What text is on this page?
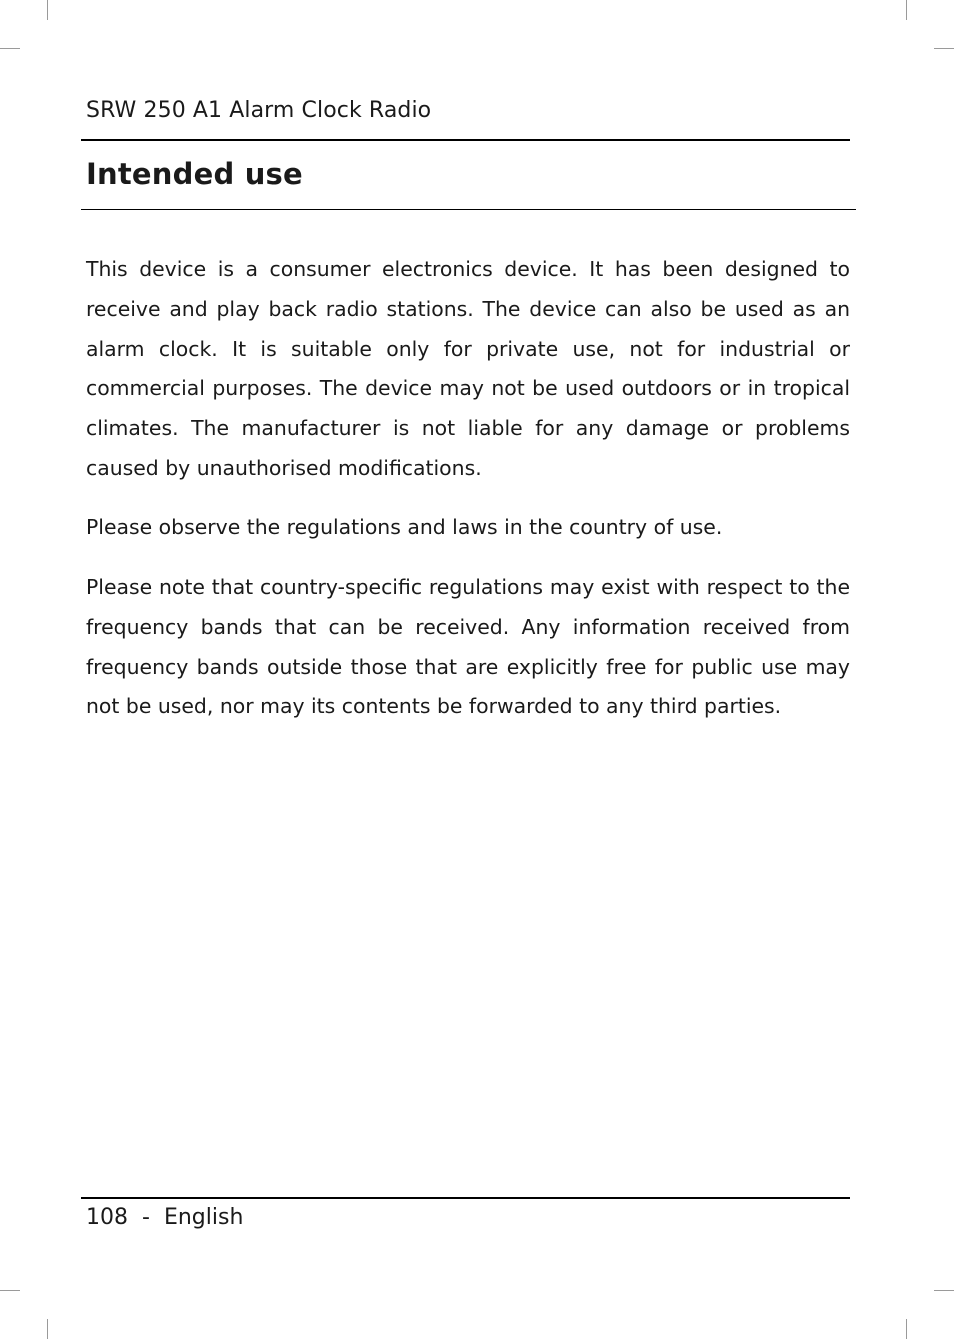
SRW 250 A1 Alarm Clock Radio
Intended use

This device is a consumer electronics device. It has been designed to receive and play back radio stations. The device can also be used as an alarm clock. It is suitable only for private use, not for industrial or commercial purposes. The device may not be used outdoors or in tropical climates. The manufacturer is not liable for any damage or problems caused by unauthorised modifications.

Please observe the regulations and laws in the country of use.

Please note that country-specific regulations may exist with respect to the frequency bands that can be received. Any information received from frequency bands outside those that are explicitly free for public use may not be used, nor may its contents be forwarded to any third parties.

108 - English
